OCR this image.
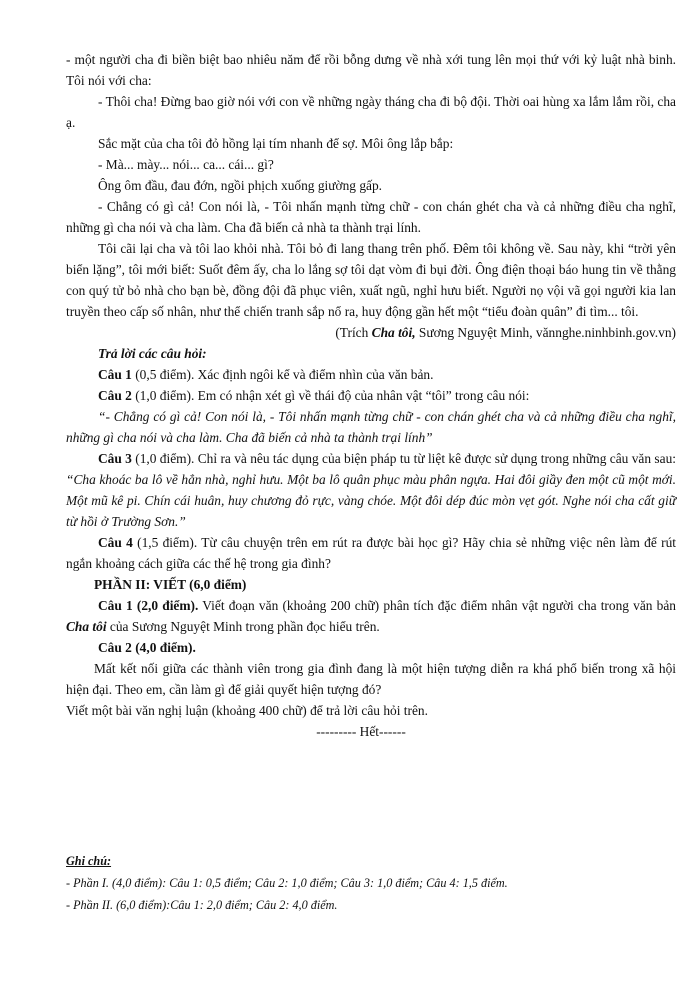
- một người cha đi biền biệt bao nhiêu năm để rồi bỗng dưng về nhà xới tung lên mọi thứ với kỷ luật nhà binh. Tôi nói với cha:

- Thôi cha! Đừng bao giờ nói với con về những ngày tháng cha đi bộ đội. Thời oai hùng xa lắm lắm rồi, cha ạ.

Sắc mặt của cha tôi đỏ hồng lại tím nhanh để sợ. Môi ông lắp bắp:

- Mà... mày... nói... ca... cái... gì?

Ông ôm đầu, đau đớn, ngồi phịch xuống giường gấp.

- Chẳng có gì cả! Con nói là, - Tôi nhấn mạnh từng chữ - con chán ghét cha và cả những điều cha nghĩ, những gì cha nói và cha làm. Cha đã biến cả nhà ta thành trại lính.

Tôi cãi lại cha và tôi lao khỏi nhà. Tôi bỏ đi lang thang trên phố. Đêm tôi không về. Sau này, khi “trời yên biển lặng”, tôi mới biết: Suốt đêm ấy, cha lo lắng sợ tôi dạt vòm đi bụi đời. Ông điện thoại báo hung tin về thằng con quý tử bỏ nhà cho bạn bè, đồng đội đã phục viên, xuất ngũ, nghỉ hưu biết. Người nọ vội vã gọi người kia lan truyền theo cấp số nhân, như thể chiến tranh sắp nổ ra, huy động gần hết một “tiểu đoàn quân” đi tìm... tôi.

(Trích Cha tôi, Sương Nguyệt Minh, vănnghe.ninhbinh.gov.vn)

Trả lời các câu hỏi:

Câu 1 (0,5 điểm). Xác định ngôi kể và điểm nhìn của văn bản.

Câu 2 (1,0 điểm). Em có nhận xét gì về thái độ của nhân vật “tôi” trong câu nói:

“- Chẳng có gì cả! Con nói là, - Tôi nhấn mạnh từng chữ - con chán ghét cha và cả những điều cha nghĩ, những gì cha nói và cha làm. Cha đã biến cả nhà ta thành trại lính”

Câu 3 (1,0 điểm). Chỉ ra và nêu tác dụng của biện pháp tu từ liệt kê được sử dụng trong những câu văn sau: “Cha khoác ba lô về hẳn nhà, nghỉ hưu. Một ba lô quân phục màu phân ngựa. Hai đôi giầy đen một cũ một mới. Một mũ kê pi. Chín cái huân, huy chương đỏ rực, vàng chóe. Một đôi dép đúc mòn vẹt gót. Nghe nói cha cất giữ từ hồi ở Trường Sơn.”

Câu 4 (1,5 điểm). Từ câu chuyện trên em rút ra được bài học gì? Hãy chia sẻ những việc nên làm để rút ngắn khoảng cách giữa các thế hệ trong gia đình?

PHẦN II: VIẾT (6,0 điểm)

Câu 1 (2,0 điểm). Viết đoạn văn (khoảng 200 chữ) phân tích đặc điểm nhân vật người cha trong văn bản Cha tôi của Sương Nguyệt Minh trong phần đọc hiểu trên.

Câu 2 (4,0 điểm).

Mất kết nối giữa các thành viên trong gia đình đang là một hiện tượng diễn ra khá phổ biến trong xã hội hiện đại. Theo em, cần làm gì để giải quyết hiện tượng đó?

Viết một bài văn nghị luận (khoảng 400 chữ) để trả lời câu hỏi trên.

--------- Hết------

Ghi chú:

- Phần I. (4,0 điểm): Câu 1: 0,5 điểm; Câu 2: 1,0 điểm; Câu 3: 1,0 điểm; Câu 4: 1,5 điểm.

- Phần II. (6,0 điểm):Câu 1: 2,0 điểm; Câu 2: 4,0 điểm.
